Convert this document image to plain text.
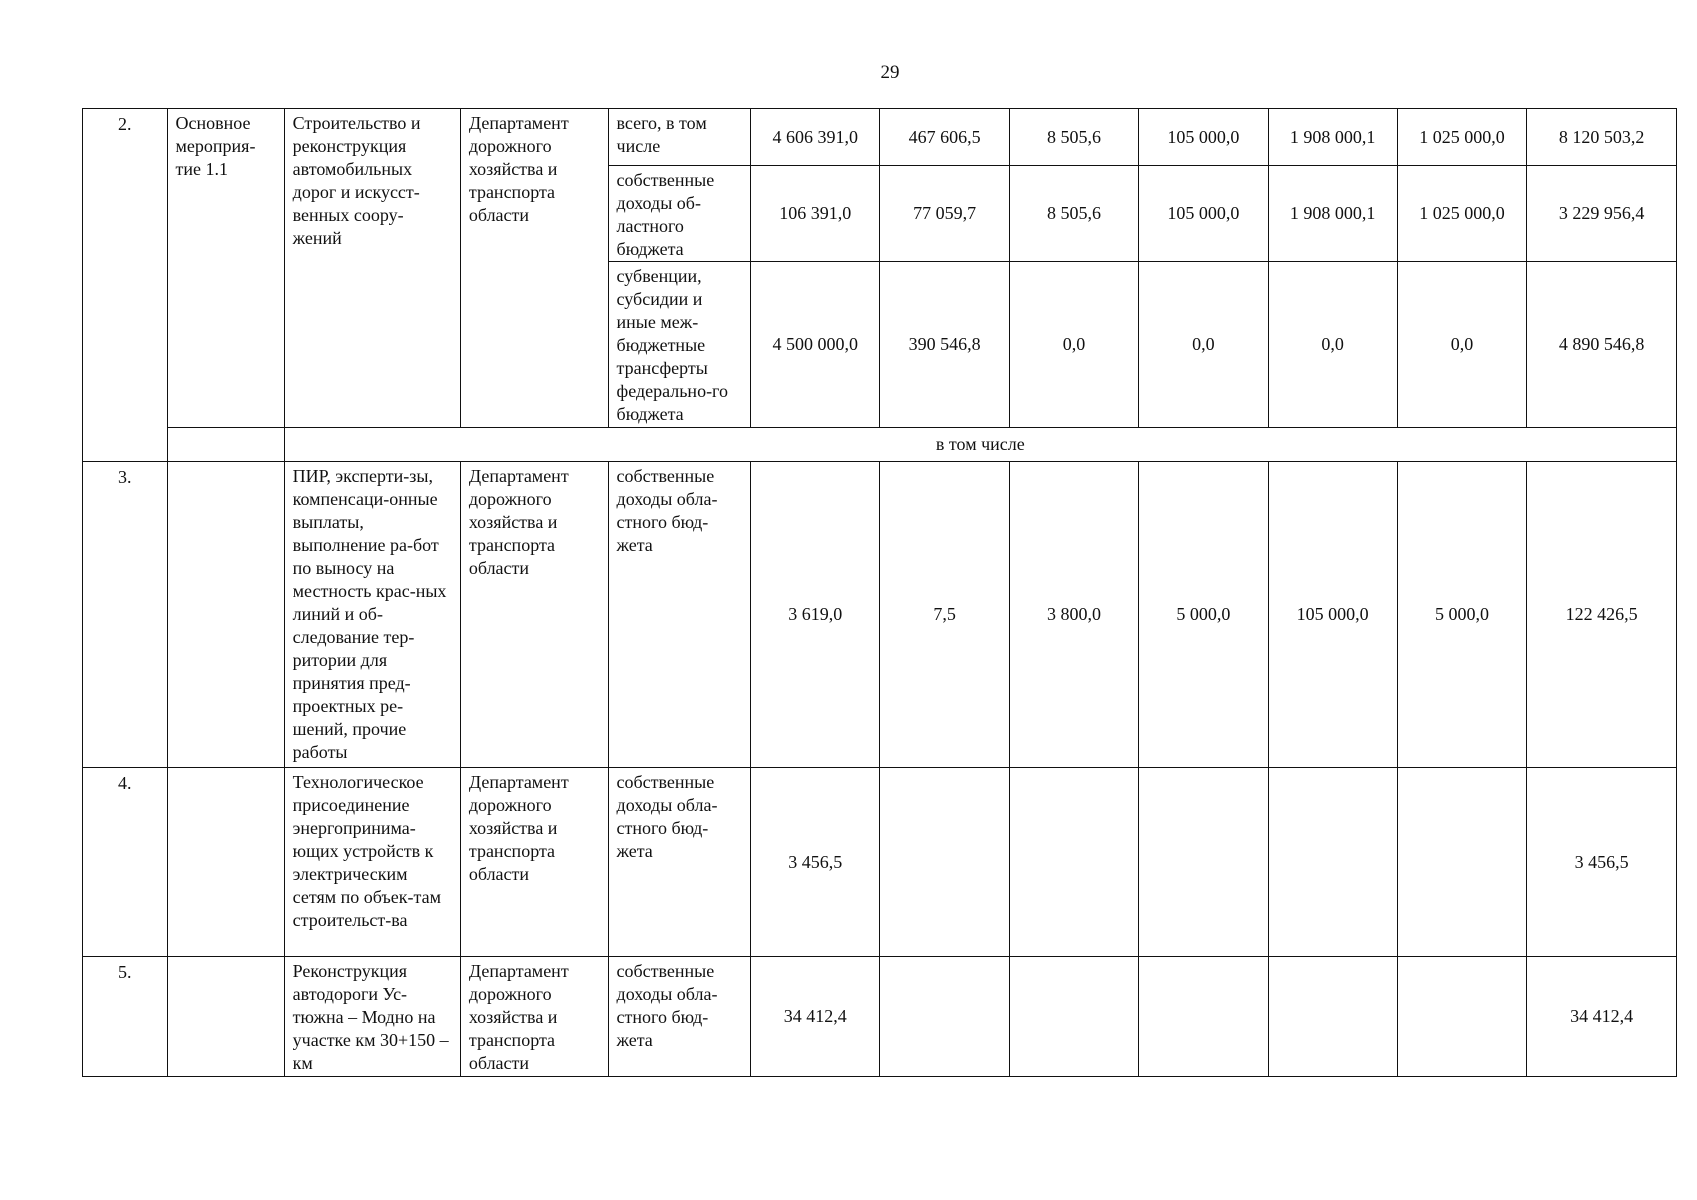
29
2.	Основное мероприя-тие 1.1	Строительство и реконструкция автомобильных дорог и искусст-венных соору-жений	Департамент дорожного хозяйства и транспорта области	всего, в том числе	4 606 391,0	467 606,5	8 505,6	105 000,0	1 908 000,1	1 025 000,0	8 120 503,2
				собственные доходы об-ластного бюджета	106 391,0	77 059,7	8 505,6	105 000,0	1 908 000,1	1 025 000,0	3 229 956,4
				субвенции, субсидии и иные меж-бюджетные трансферты федерально-го бюджета	4 500 000,0	390 546,8	0,0	0,0	0,0	0,0	4 890 546,8
		в том числе									
3.		ПИР, эксперти-зы, компенсаци-онные выплаты, выполнение ра-бот по выносу на местность крас-ных линий и об-следование тер-ритории для принятия пред-проектных ре-шений, прочие работы	Департамент дорожного хозяйства и транспорта области	собственные доходы обла-стного бюд-жета	3 619,0	7,5	3 800,0	5 000,0	105 000,0	5 000,0	122 426,5
4.		Технологическое присоединение энергопринима-ющих устройств к электрическим сетям по объек-там строительст-ва	Департамент дорожного хозяйства и транспорта области	собственные доходы обла-стного бюд-жета	3 456,5						3 456,5
5.		Реконструкция автодороги Ус-тюжна – Модно на участке км 30+150 – км	Департамент дорожного хозяйства и транспорта области	собственные доходы обла-стного бюд-жета	34 412,4						34 412,4
